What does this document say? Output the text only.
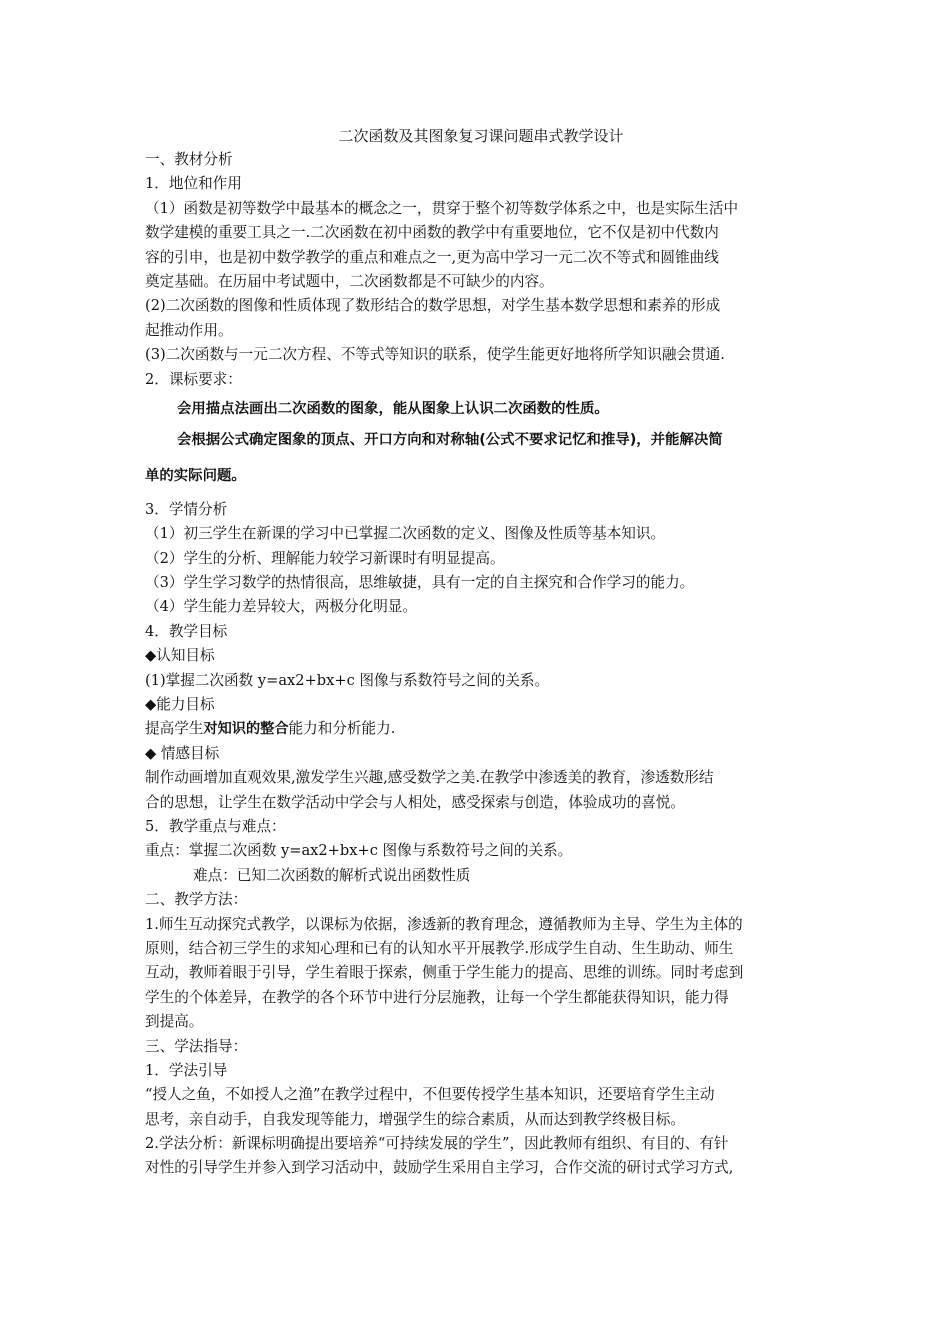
二次函数及其图象复习课问题串式教学设计
一、教材分析
1．地位和作用
（1）函数是初等数学中最基本的概念之一，贯穿于整个初等数学体系之中，也是实际生活中
数学建模的重要工具之一.二次函数在初中函数的教学中有重要地位，它不仅是初中代数内
容的引申，也是初中数学教学的重点和难点之一,更为高中学习一元二次不等式和圆锥曲线
奠定基础。在历届中考试题中，二次函数都是不可缺少的内容。
(2)二次函数的图像和性质体现了数形结合的数学思想，对学生基本数学思想和素养的形成
起推动作用。
(3)二次函数与一元二次方程、不等式等知识的联系，使学生能更好地将所学知识融会贯通.
2．课标要求：
会用描点法画出二次函数的图象，能从图象上认识二次函数的性质。
会根据公式确定图象的顶点、开口方向和对称轴(公式不要求记忆和推导)，并能解决简
单的实际问题。
3．学情分析
（1）初三学生在新课的学习中已掌握二次函数的定义、图像及性质等基本知识。
（2）学生的分析、理解能力较学习新课时有明显提高。
（3）学生学习数学的热情很高，思维敏捷，具有一定的自主探究和合作学习的能力。
（4）学生能力差异较大，两极分化明显。
4．教学目标
◆认知目标
(1)掌握二次函数 y=ax2+bx+c 图像与系数符号之间的关系。
◆能力目标
提高学生对知识的整合能力和分析能力.
◆ 情感目标
制作动画增加直观效果,激发学生兴趣,感受数学之美.在教学中渗透美的教育，渗透数形结
合的思想，让学生在数学活动中学会与人相处，感受探索与创造，体验成功的喜悦。
5．教学重点与难点：
重点：掌握二次函数 y=ax2+bx+c 图像与系数符号之间的关系。
难点：已知二次函数的解析式说出函数性质
二、教学方法：
1.师生互动探究式教学，以课标为依据，渗透新的教育理念，遵循教师为主导、学生为主体的
原则，结合初三学生的求知心理和已有的认知水平开展教学.形成学生自动、生生助动、师生
互动，教师着眼于引导，学生着眼于探索，侧重于学生能力的提高、思维的训练。同时考虑到
学生的个体差异，在教学的各个环节中进行分层施教，让每一个学生都能获得知识，能力得
到提高。
三、学法指导：
1．学法引导
“授人之鱼，不如授人之渔”在教学过程中，不但要传授学生基本知识，还要培育学生主动
思考，亲自动手，自我发现等能力，增强学生的综合素质，从而达到教学终极目标。
2.学法分析：新课标明确提出要培养“可持续发展的学生”，因此教师有组织、有目的、有针
对性的引导学生并参入到学习活动中，鼓励学生采用自主学习，合作交流的研讨式学习方式,
